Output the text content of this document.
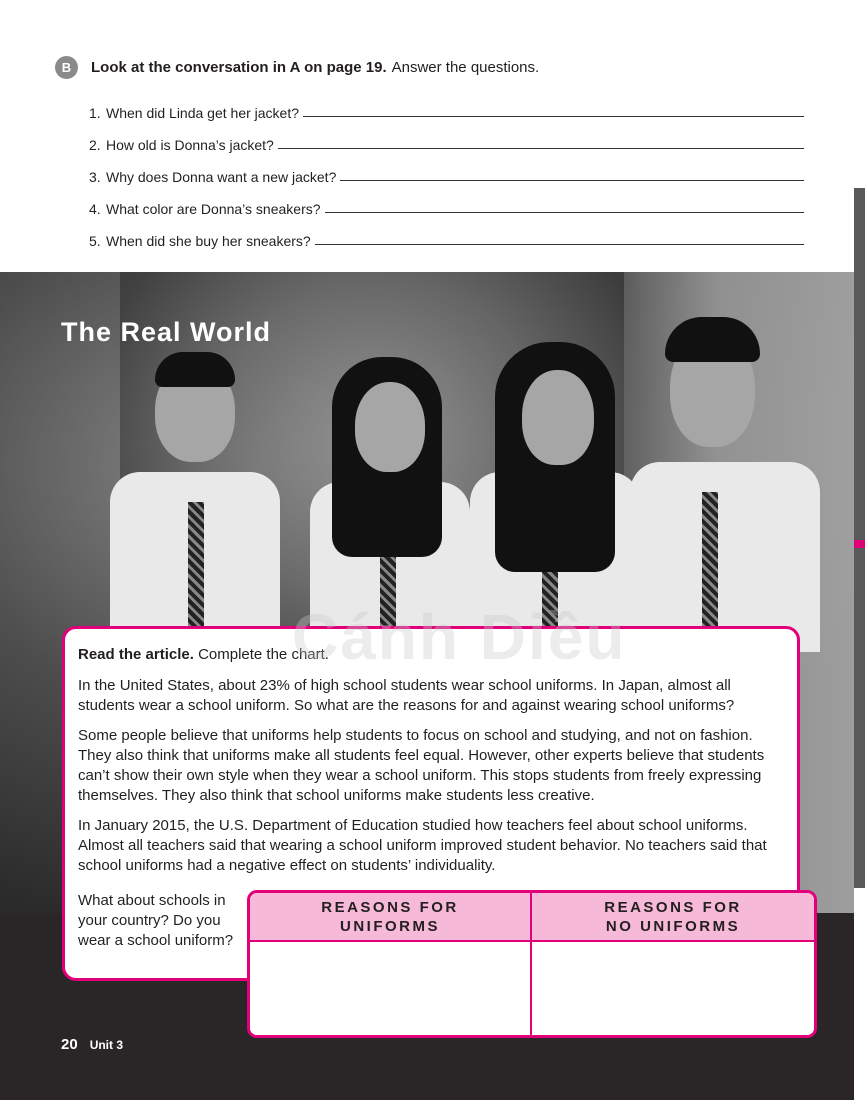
B	Look at the conversation in A on page 19. Answer the questions.
1. When did Linda get her jacket?
2. How old is Donna’s jacket?
3. Why does Donna want a new jacket?
4. What color are Donna’s sneakers?
5. When did she buy her sneakers?
The Real World

Read the article. Complete the chart.

In the United States, about 23% of high school students wear school uniforms. In Japan, almost all students wear a school uniform. So what are the reasons for and against wearing school uniforms?

Some people believe that uniforms help students to focus on school and studying, and not on fashion. They also think that uniforms make all students feel equal. However, other experts believe that students can’t show their own style when they wear a school uniform. This stops students from freely expressing themselves. They also think that school uniforms make students less creative.

In January 2015, the U.S. Department of Education studied how teachers feel about school uniforms. Almost all teachers said that wearing a school uniform improved student behavior. No teachers said that school uniforms had a negative effect on students’ individuality.

What about schools in your country? Do you wear a school uniform?

Cánh Diều
REASONS FOR
UNIFORMS
REASONS FOR
NO UNIFORMS
20 Unit 3
